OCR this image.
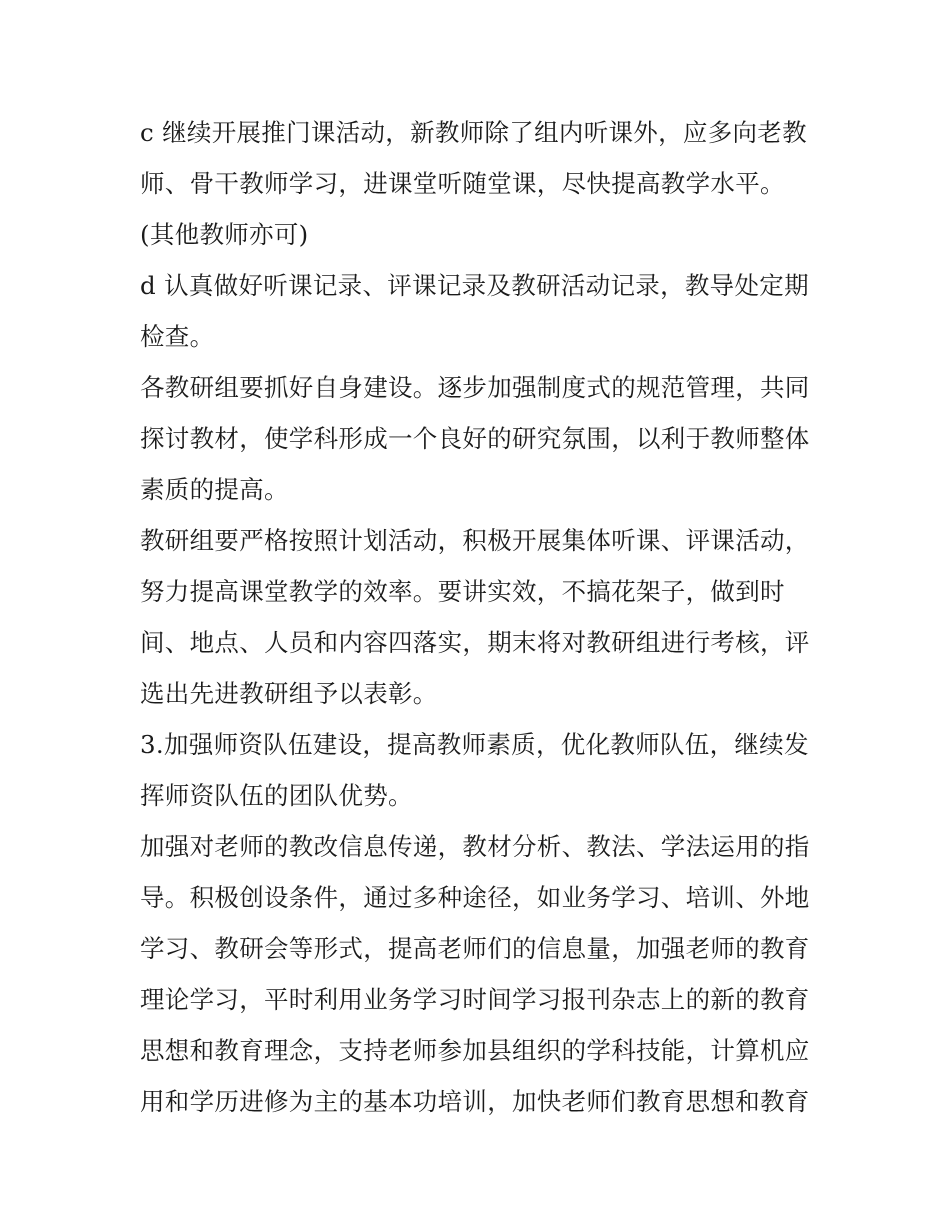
c 继续开展推门课活动，新教师除了组内听课外，应多向老教
师、骨干教师学习，进课堂听随堂课，尽快提高教学水平。
(其他教师亦可)
d 认真做好听课记录、评课记录及教研活动记录，教导处定期
检查。
各教研组要抓好自身建设。逐步加强制度式的规范管理，共同
探讨教材，使学科形成一个良好的研究氛围，以利于教师整体
素质的提高。
教研组要严格按照计划活动，积极开展集体听课、评课活动，
努力提高课堂教学的效率。要讲实效，不搞花架子，做到时
间、地点、人员和内容四落实，期末将对教研组进行考核，评
选出先进教研组予以表彰。
3.加强师资队伍建设，提高教师素质，优化教师队伍，继续发
挥师资队伍的团队优势。
加强对老师的教改信息传递，教材分析、教法、学法运用的指
导。积极创设条件，通过多种途径，如业务学习、培训、外地
学习、教研会等形式，提高老师们的信息量，加强老师的教育
理论学习，平时利用业务学习时间学习报刊杂志上的新的教育
思想和教育理念，支持老师参加县组织的学科技能，计算机应
用和学历进修为主的基本功培训，加快老师们教育思想和教育
